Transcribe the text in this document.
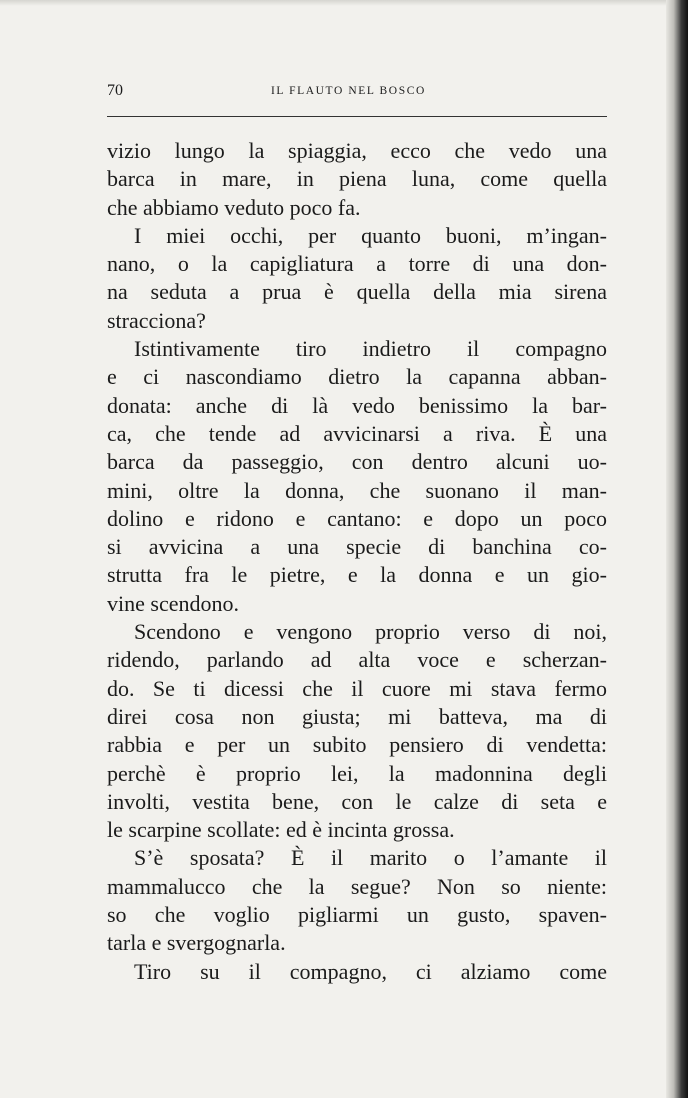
70	IL FLAUTO NEL BOSCO
vizio lungo la spiaggia, ecco che vedo una
barca in mare, in piena luna, come quella
che abbiamo veduto poco fa.
I miei occhi, per quanto buoni, m’ingan-
nano, o la capigliatura a torre di una don-
na seduta a prua è quella della mia sirena
stracciona?
Istintivamente tiro indietro il compagno
e ci nascondiamo dietro la capanna abban-
donata: anche di là vedo benissimo la bar-
ca, che tende ad avvicinarsi a riva. È una
barca da passeggio, con dentro alcuni uo-
mini, oltre la donna, che suonano il man-
dolino e ridono e cantano: e dopo un poco
si avvicina a una specie di banchina co-
strutta fra le pietre, e la donna e un gio-
vine scendono.
Scendono e vengono proprio verso di noi,
ridendo, parlando ad alta voce e scherzan-
do. Se ti dicessi che il cuore mi stava fermo
direi cosa non giusta; mi batteva, ma di
rabbia e per un subito pensiero di vendetta:
perchè è proprio lei, la madonnina degli
involti, vestita bene, con le calze di seta e
le scarpine scollate: ed è incinta grossa.
S’è sposata? È il marito o l’amante il
mammalucco che la segue? Non so niente:
so che voglio pigliarmi un gusto, spaven-
tarla e svergognarla.
Tiro su il compagno, ci alziamo come
